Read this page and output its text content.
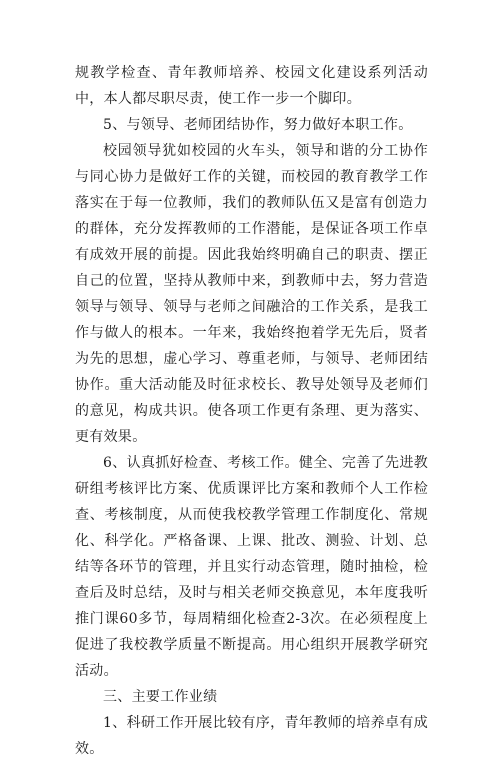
规教学检查、青年教师培养、校园文化建设系列活动中，本人都尽职尽责，使工作一步一个脚印。

5、与领导、老师团结协作，努力做好本职工作。

校园领导犹如校园的火车头，领导和谐的分工协作与同心协力是做好工作的关键，而校园的教育教学工作落实在于每一位教师，我们的教师队伍又是富有创造力的群体，充分发挥教师的工作潜能，是保证各项工作卓有成效开展的前提。因此我始终明确自己的职责、摆正自己的位置，坚持从教师中来，到教师中去，努力营造领导与领导、领导与老师之间融洽的工作关系，是我工作与做人的根本。一年来，我始终抱着学无先后，贤者为先的思想，虚心学习、尊重老师，与领导、老师团结协作。重大活动能及时征求校长、教导处领导及老师们的意见，构成共识。使各项工作更有条理、更为落实、更有效果。

6、认真抓好检查、考核工作。健全、完善了先进教研组考核评比方案、优质课评比方案和教师个人工作检查、考核制度，从而使我校教学管理工作制度化、常规化、科学化。严格备课、上课、批改、测验、计划、总结等各环节的管理，并且实行动态管理，随时抽检，检查后及时总结，及时与相关老师交换意见，本年度我听推门课60多节，每周精细化检查2-3次。在必须程度上促进了我校教学质量不断提高。用心组织开展教学研究活动。

三、主要工作业绩

1、科研工作开展比较有序，青年教师的培养卓有成效。
